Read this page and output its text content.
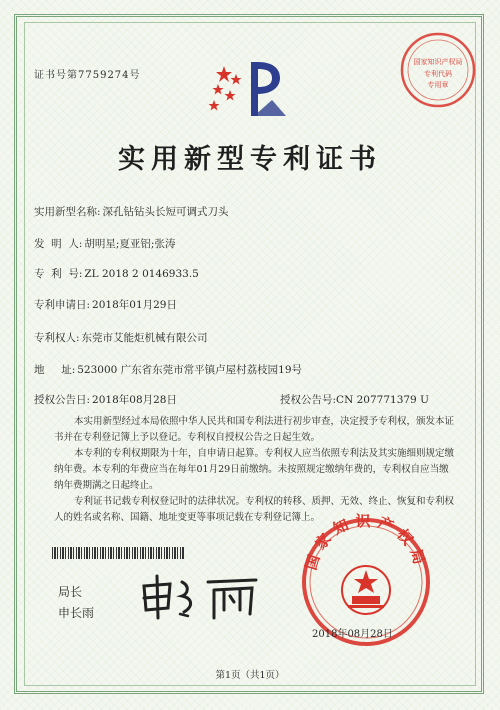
国家知识产权局
专利代码
专用章
证书号第7759274号
实用新型专利证书
实用新型名称: 深孔钻钻头长短可调式刀头
发  明  人: 胡明星;夏亚铝;张涛
专  利  号: ZL 2018 2 0146933.5
专利申请日: 2018年01月29日
专利权人: 东莞市艾能炬机械有限公司
地     址: 523000 广东省东莞市常平镇卢屋村荔枝园19号
授权公告日: 2018年08月28日	授权公告号:CN 207771379 U
本实用新型经过本局依照中华人民共和国专利法进行初步审查，决定授予专利权，颁发本证书并在专利登记簿上予以登记。专利权自授权公告之日起生效。
本专利的专利权期限为十年，自申请日起算。专利权人应当依照专利法及其实施细则规定缴纳年费。本专利的年费应当在每年01月29日前缴纳。未按照规定缴纳年费的，专利权自应当缴纳年费期满之日起终止。
专利证书记载专利权登记时的法律状况。专利权的转移、质押、无效、终止、恢复和专利权人的姓名或名称、国籍、地址变更等事项记载在专利登记簿上。
局长
申长雨
国家知识产权局
2018年08月28日
第1页（共1页）
